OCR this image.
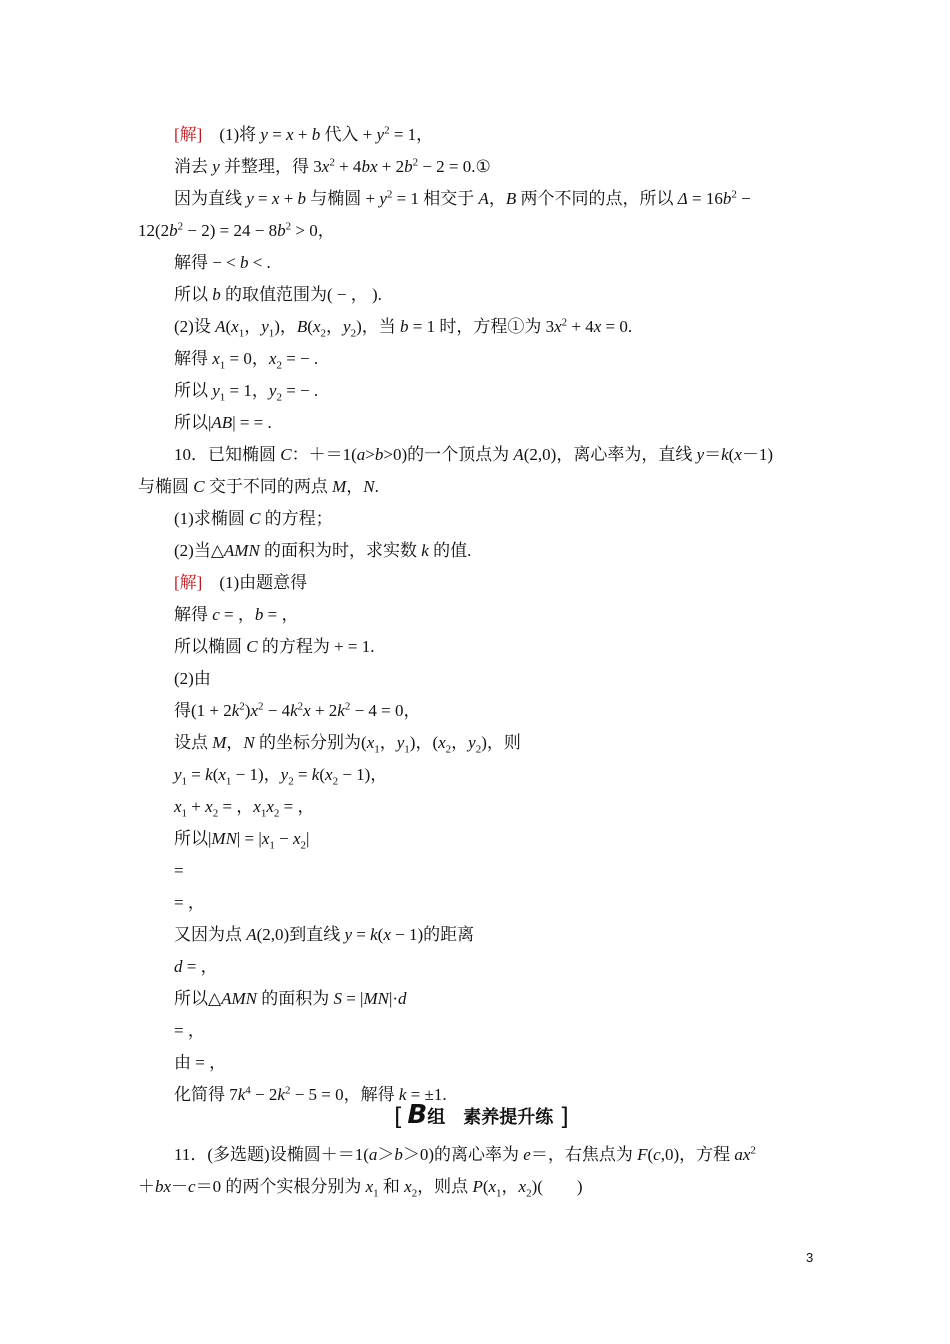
[解]　(1)将 y = x + b 代入 + $y^2 = 1$，
消去 y 并整理，得 $3x^2 + 4bx + 2b^2 - 2$ = 0.①
因为直线 y = x + b 与椭圆 + $y^2 = 1$ 相交于 A，B 两个不同的点，所以 $\Delta = 16b^2$ −
$12(2b^2 - 2) = 24 - 8b^2 > 0$，
解得 − < b < .
所以 b 的取值范围为( − ， ).
(2)设 $A(x_1$，$y_1$)，$B(x_2$，$y_2$)，当 b = 1 时，方程①为 $3x^2 + 4x = 0$.
解得 $x_1 = 0$，$x_2$ = − .
所以 $y_1 = 1$，$y_2$ = − .
所以|AB| = = .
10．已知椭圆 C：＋＝1(a>b>0)的一个顶点为 A(2,0)，离心率为，直线 y＝k(x－1)
与椭圆 C 交于不同的两点 M，N.
(1)求椭圆 C 的方程；
(2)当△AMN 的面积为时，求实数 k 的值.
[解]　 (1)由题意得
解得 c = ，b = ，
所以椭圆 C 的方程为 + = 1.
(2)由
得$(1 + 2k^2)x^2 - 4k^2x + 2k^2 - 4 = 0$，
设点 M，N 的坐标分别为($x_1$，$y_1$)，($x_2$，$y_2$)，则
$y_1 = k(x_1 - 1)$，$y_2 = k(x_2 - 1)$，
$x_1 + x_2$ = ，$x_1x_2$ = ，
所以$|MN| = |x_1 - x_2|$
=
= ，
又因为点 A(2,0)到直线 y = k(x − 1)的距离
d = ，
所以△AMN 的面积为 S = |MN|·d
= ，
由 = ，
化简得 $7k^4 - 2k^2 - 5 = 0$，解得 k = ±1.
[ B组　素养提升练 ]
11．(多选题)设椭圆＋＝1(a＞b＞0)的离心率为 e＝，右焦点为 F(c,0)，方程 $ax^2$
＋bx－c＝0 的两个实根分别为 $x_1$ 和 $x_2$，则点 $P(x_1$，$x_2$)(　　)
3
